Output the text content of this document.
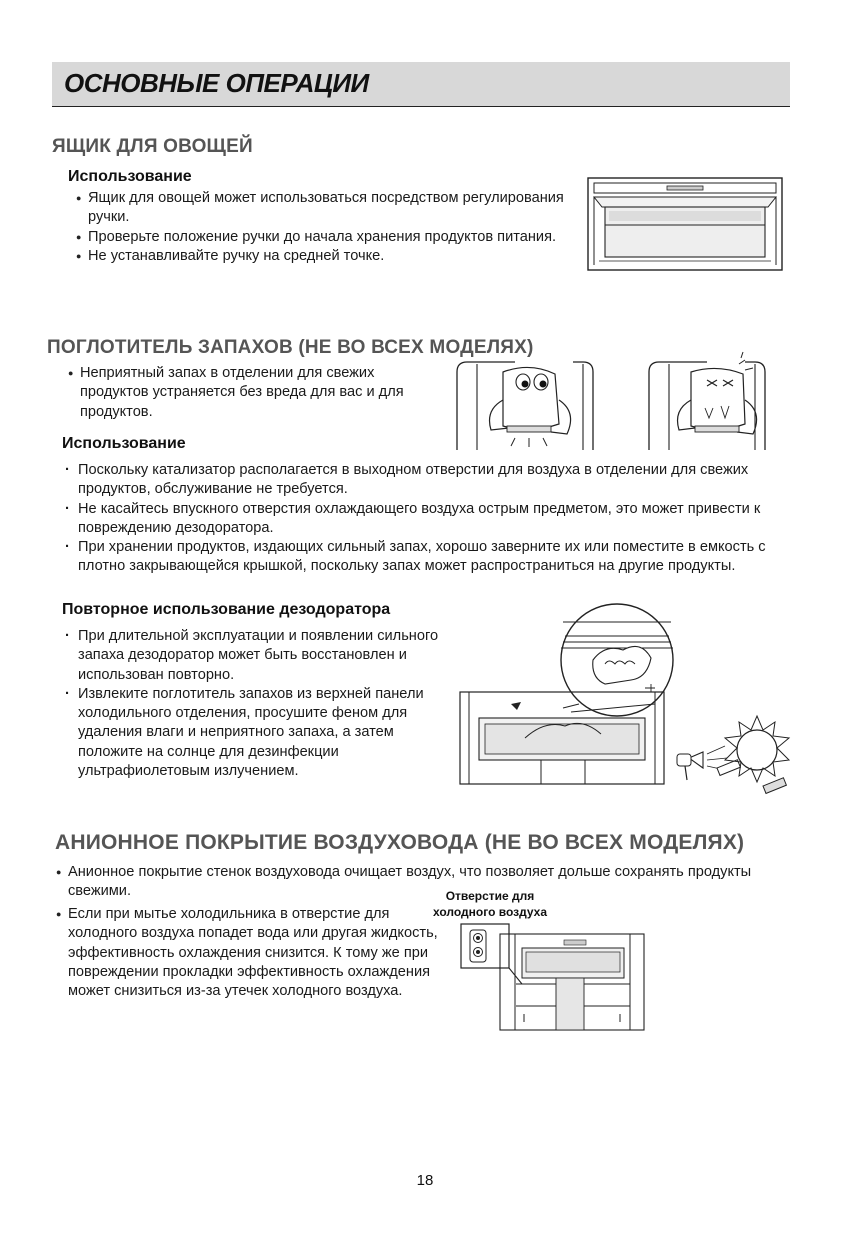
ОСНОВНЫЕ ОПЕРАЦИИ
ЯЩИК ДЛЯ ОВОЩЕЙ
Использование
● Ящик для овощей может использоваться посредством регулирования ручки.
● Проверьте положение ручки до начала хранения продуктов питания.
● Не устанавливайте ручку на средней точке.
ПОГЛОТИТЕЛЬ ЗАПАХОВ (НЕ ВО ВСЕХ МОДЕЛЯХ)
● Неприятный запах в отделении для свежих продуктов устраняется без вреда для вас и для продуктов.
Использование
· Поскольку катализатор располагается в выходном отверстии для воздуха в отделении для свежих продуктов, обслуживание не требуется.
· Не касайтесь впускного отверстия охлаждающего воздуха острым предметом, это может привести к повреждению дезодоратора.
· При хранении продуктов, издающих сильный запах, хорошо заверните их или поместите в емкость с плотно закрывающейся крышкой, поскольку запах может распространиться на другие продукты.
Повторное использование дезодоратора
· При длительной эксплуатации и появлении сильного запаха дезодоратор может быть восстановлен и использован повторно.
· Извлеките поглотитель запахов из верхней панели холодильного отделения, просушите феном для удаления влаги и неприятного запаха, а затем положите на солнце для дезинфекции ультрафиолетовым излучением.
АНИОННОЕ ПОКРЫТИЕ ВОЗДУХОВОДА (НЕ ВО ВСЕХ МОДЕЛЯХ)
● Анионное покрытие стенок воздуховода очищает воздух, что позволяет дольше сохранять продукты свежими.
● Если при мытье холодильника в отверстие для холодного воздуха попадет вода или другая жидкость, эффективность охлаждения снизится. К тому же при повреждении прокладки эффективность охлаждения может снизиться из-за утечек холодного воздуха.
Отверстие для
холодного воздуха
18
